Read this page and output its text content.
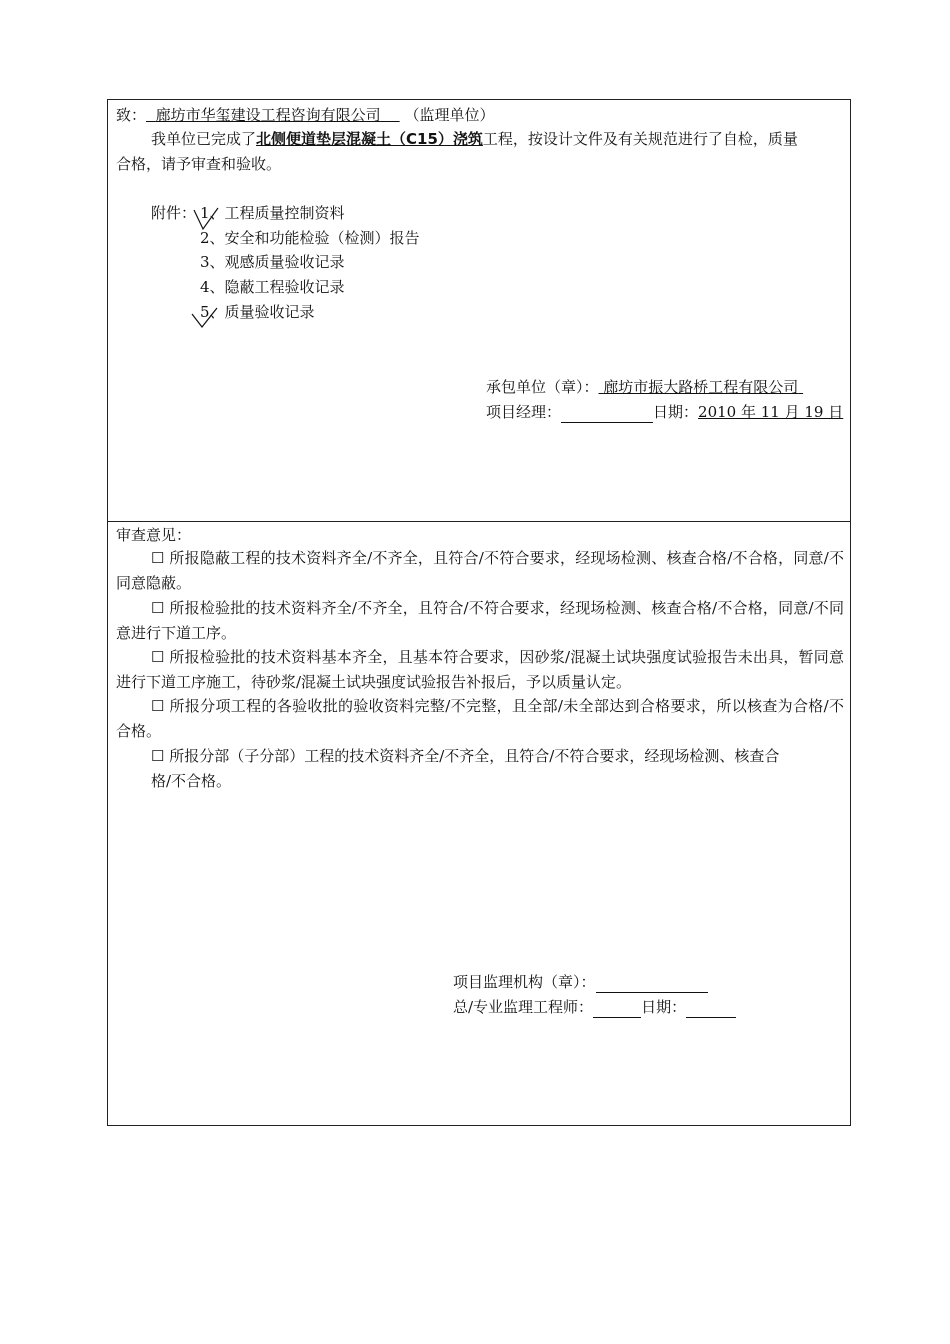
致： 廊坊市华玺建设工程咨询有限公司 （监理单位）
我单位已完成了北侧便道垫层混凝土（C15）浇筑工程，按设计文件及有关规范进行了自检，质量
合格，请予审查和验收。
附件： 1、工程质量控制资料
2、安全和功能检验（检测）报告
3、观感质量验收记录
4、隐蔽工程验收记录
5、质量验收记录
承包单位（章）： 廊坊市振大路桥工程有限公司
项目经理：	日期：2010 年 11 月 19 日
审查意见：
☐ 所报隐蔽工程的技术资料齐全/不齐全，且符合/不符合要求，经现场检测、核查合格/不合格，同意/不同意隐蔽。
☐ 所报检验批的技术资料齐全/不齐全，且符合/不符合要求，经现场检测、核查合格/不合格，同意/不同意进行下道工序。
☐ 所报检验批的技术资料基本齐全，且基本符合要求，因砂浆/混凝土试块强度试验报告未出具，暂同意进行下道工序施工，待砂浆/混凝土试块强度试验报告补报后，予以质量认定。
☐ 所报分项工程的各验收批的验收资料完整/不完整，且全部/未全部达到合格要求，所以核查为合格/不合格。
☐ 所报分部（子分部）工程的技术资料齐全/不齐全，且符合/不符合要求，经现场检测、核查合
格/不合格。
项目监理机构（章）：
总/专业监理工程师：	日期：
